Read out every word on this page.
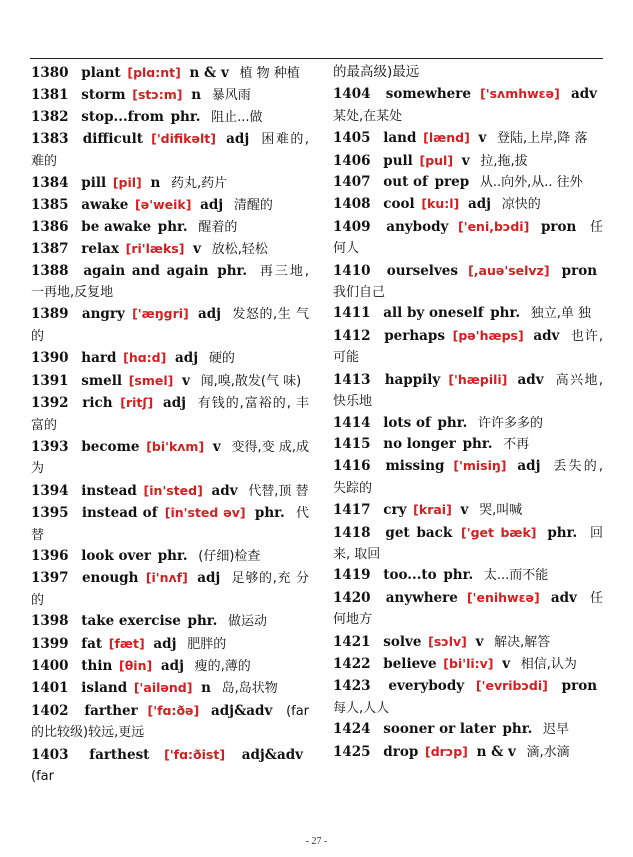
1380 plant [plɑ:nt] n & v 植 物 种植
1381 storm [stɔ:m] n 暴风雨
1382 stop...from phr. 阻止...做
1383 difficult ['difikəlt] adj 困难的, 难的
1384 pill [pil] n 药丸,药片
1385 awake [ə'weik] adj 清醒的
1386 be awake phr. 醒着的
1387 relax [ri'læks] v 放松,轻松
1388 again and again phr. 再三地, 一再地,反复地
1389 angry ['æŋgri] adj 发怒的,生 气的
1390 hard [hɑ:d] adj 硬的
1391 smell [smel] v 闻,嗅,散发(气 味)
1392 rich [ritʃ] adj 有钱的,富裕的, 丰富的
1393 become [bi'kʌm] v 变得,变 成,成为
1394 instead [in'sted] adv 代替,顶 替
1395 instead of [in'sted əv] phr. 代 替
1396 look over phr. (仔细)检查
1397 enough [i'nʌf] adj 足够的,充 分的
1398 take exercise phr. 做运动
1399 fat [fæt] adj 肥胖的
1400 thin [θin] adj 瘦的,薄的
1401 island ['ailənd] n 岛,岛状物
1402 farther ['fɑ:ðə] adj&adv (far 的比较级)较远,更远
1403 farthest ['fɑ:ðist] adj&adv (far
的最高级)最远
1404 somewhere ['sʌmhwεə] adv 某处,在某处
1405 land [lænd] v 登陆,上岸,降 落
1406 pull [pul] v 拉,拖,拔
1407 out of prep 从..向外,从.. 往外
1408 cool [ku:l] adj 凉快的
1409 anybody ['eni,bɔdi] pron 任 何人
1410 ourselves [,auə'selvz] pron 我们自己
1411 all by oneself phr. 独立,单 独
1412 perhaps [pə'hæps] adv 也许, 可能
1413 happily ['hæpili] adv 高兴地, 快乐地
1414 lots of phr. 许许多多的
1415 no longer phr. 不再
1416 missing ['misiŋ] adj 丢失的, 失踪的
1417 cry [krai] v 哭,叫喊
1418 get back ['get bæk] phr. 回来, 取回
1419 too...to phr. 太...而不能
1420 anywhere ['enihwεə] adv 任 何地方
1421 solve [sɔlv] v 解决,解答
1422 believe [bi'li:v] v 相信,认为
1423 everybody ['evribɔdi] pron 每人,人人
1424 sooner or later phr. 迟早
1425 drop [drɔp] n & v 滴,水滴
- 27 -
